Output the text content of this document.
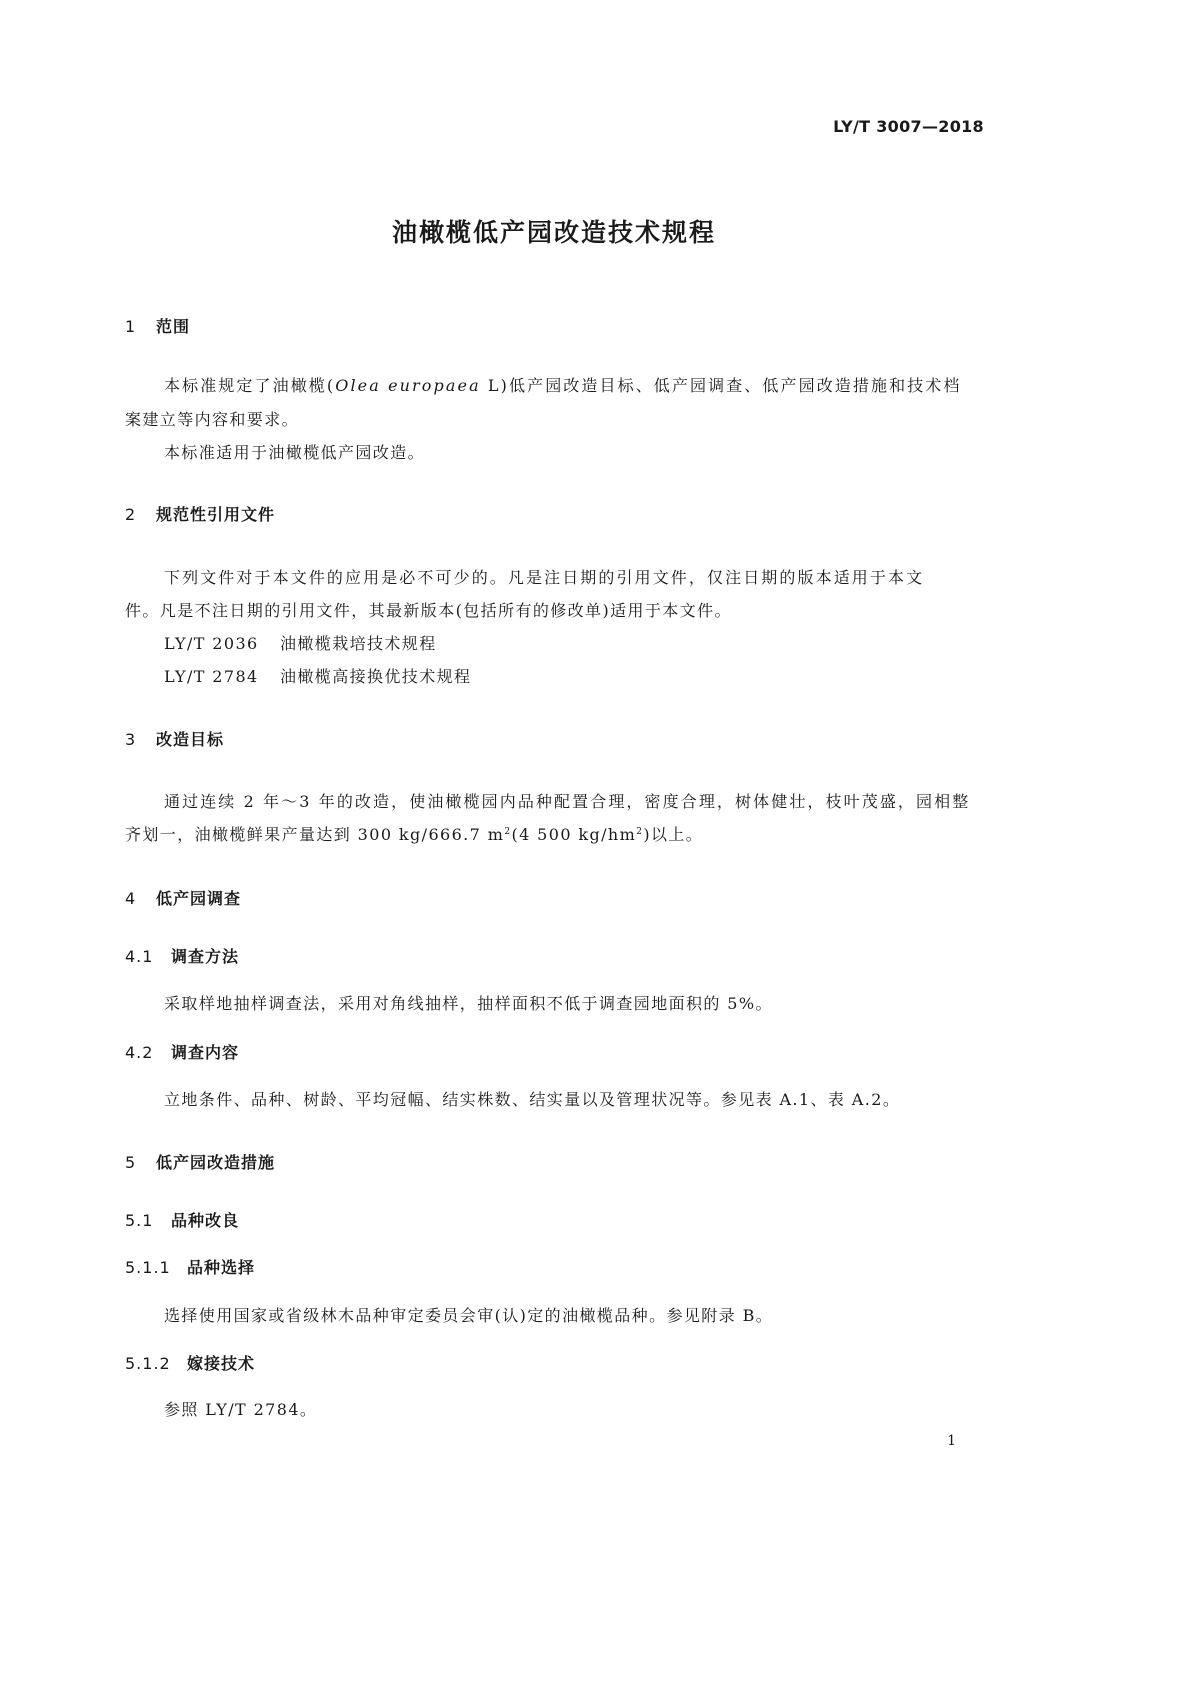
LY/T 3007—2018
油橄榄低产园改造技术规程
1 范围
本标准规定了油橄榄(Olea europaea L)低产园改造目标、低产园调查、低产园改造措施和技术档
案建立等内容和要求。
本标准适用于油橄榄低产园改造。
2 规范性引用文件
下列文件对于本文件的应用是必不可少的。凡是注日期的引用文件，仅注日期的版本适用于本文
件。凡是不注日期的引用文件，其最新版本(包括所有的修改单)适用于本文件。
LY/T 2036 油橄榄栽培技术规程
LY/T 2784 油橄榄高接换优技术规程
3 改造目标
通过连续 2 年～3 年的改造，使油橄榄园内品种配置合理，密度合理，树体健壮，枝叶茂盛，园相整
齐划一，油橄榄鲜果产量达到 300 kg/666.7 $m^2(4$ 500 $kg/hm^2$)以上。
4 低产园调查
4.1 调查方法
采取样地抽样调查法，采用对角线抽样，抽样面积不低于调查园地面积的 5%。
4.2 调查内容
立地条件、品种、树龄、平均冠幅、结实株数、结实量以及管理状况等。参见表 A.1、表 A.2。
5 低产园改造措施
5.1 品种改良
5.1.1 品种选择
选择使用国家或省级林木品种审定委员会审(认)定的油橄榄品种。参见附录 B。
5.1.2 嫁接技术
参照 LY/T 2784。
1
